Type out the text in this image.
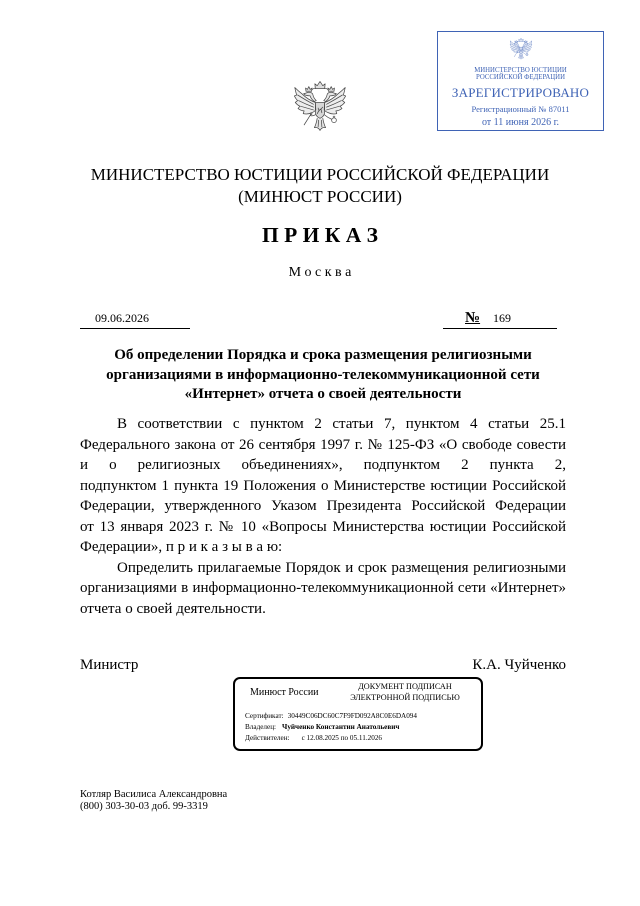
МИНИСТЕРСТВО ЮСТИЦИИ
РОССИЙСКОЙ ФЕДЕРАЦИИ
ЗАРЕГИСТРИРОВАНО
Регистрационный № 87011
от 11 июня 2026 г.
МИНИСТЕРСТВО ЮСТИЦИИ РОССИЙСКОЙ ФЕДЕРАЦИИ
(МИНЮСТ РОССИИ)
П Р И К А З
М о с к в а
09.06.2026	№ 169
Об определении Порядка и срока размещения религиозными
организациями в информационно-телекоммуникационной сети
«Интернет» отчета о своей деятельности
В соответствии с пунктом 2 статьи 7, пунктом 4 статьи 25.1
Федерального закона от 26 сентября 1997 г. № 125-ФЗ «О свободе совести
и о религиозных объединениях», подпунктом 2 пункта 2,
подпунктом 1 пункта 19 Положения о Министерстве юстиции Российской
Федерации, утвержденного Указом Президента Российской Федерации
от 13 января 2023 г. № 10 «Вопросы Министерства юстиции Российской
Федерации», п р и к а з ы в а ю:
Определить прилагаемые Порядок и срок размещения религиозными
организациями в информационно-телекоммуникационной сети «Интернет»
отчета о своей деятельности.
Министр	К.А. Чуйченко
Минюст России
ДОКУМЕНТ ПОДПИСАН
ЭЛЕКТРОННОЙ ПОДПИСЬЮ
Сертификат: 30449C06DC60C7F9FD092A8C0E6DA094
Владелец: Чуйченко Константин Анатольевич
Действителен: с 12.08.2025 по 05.11.2026
Котляр Василиса Александровна
(800) 303-30-03 доб. 99-3319
